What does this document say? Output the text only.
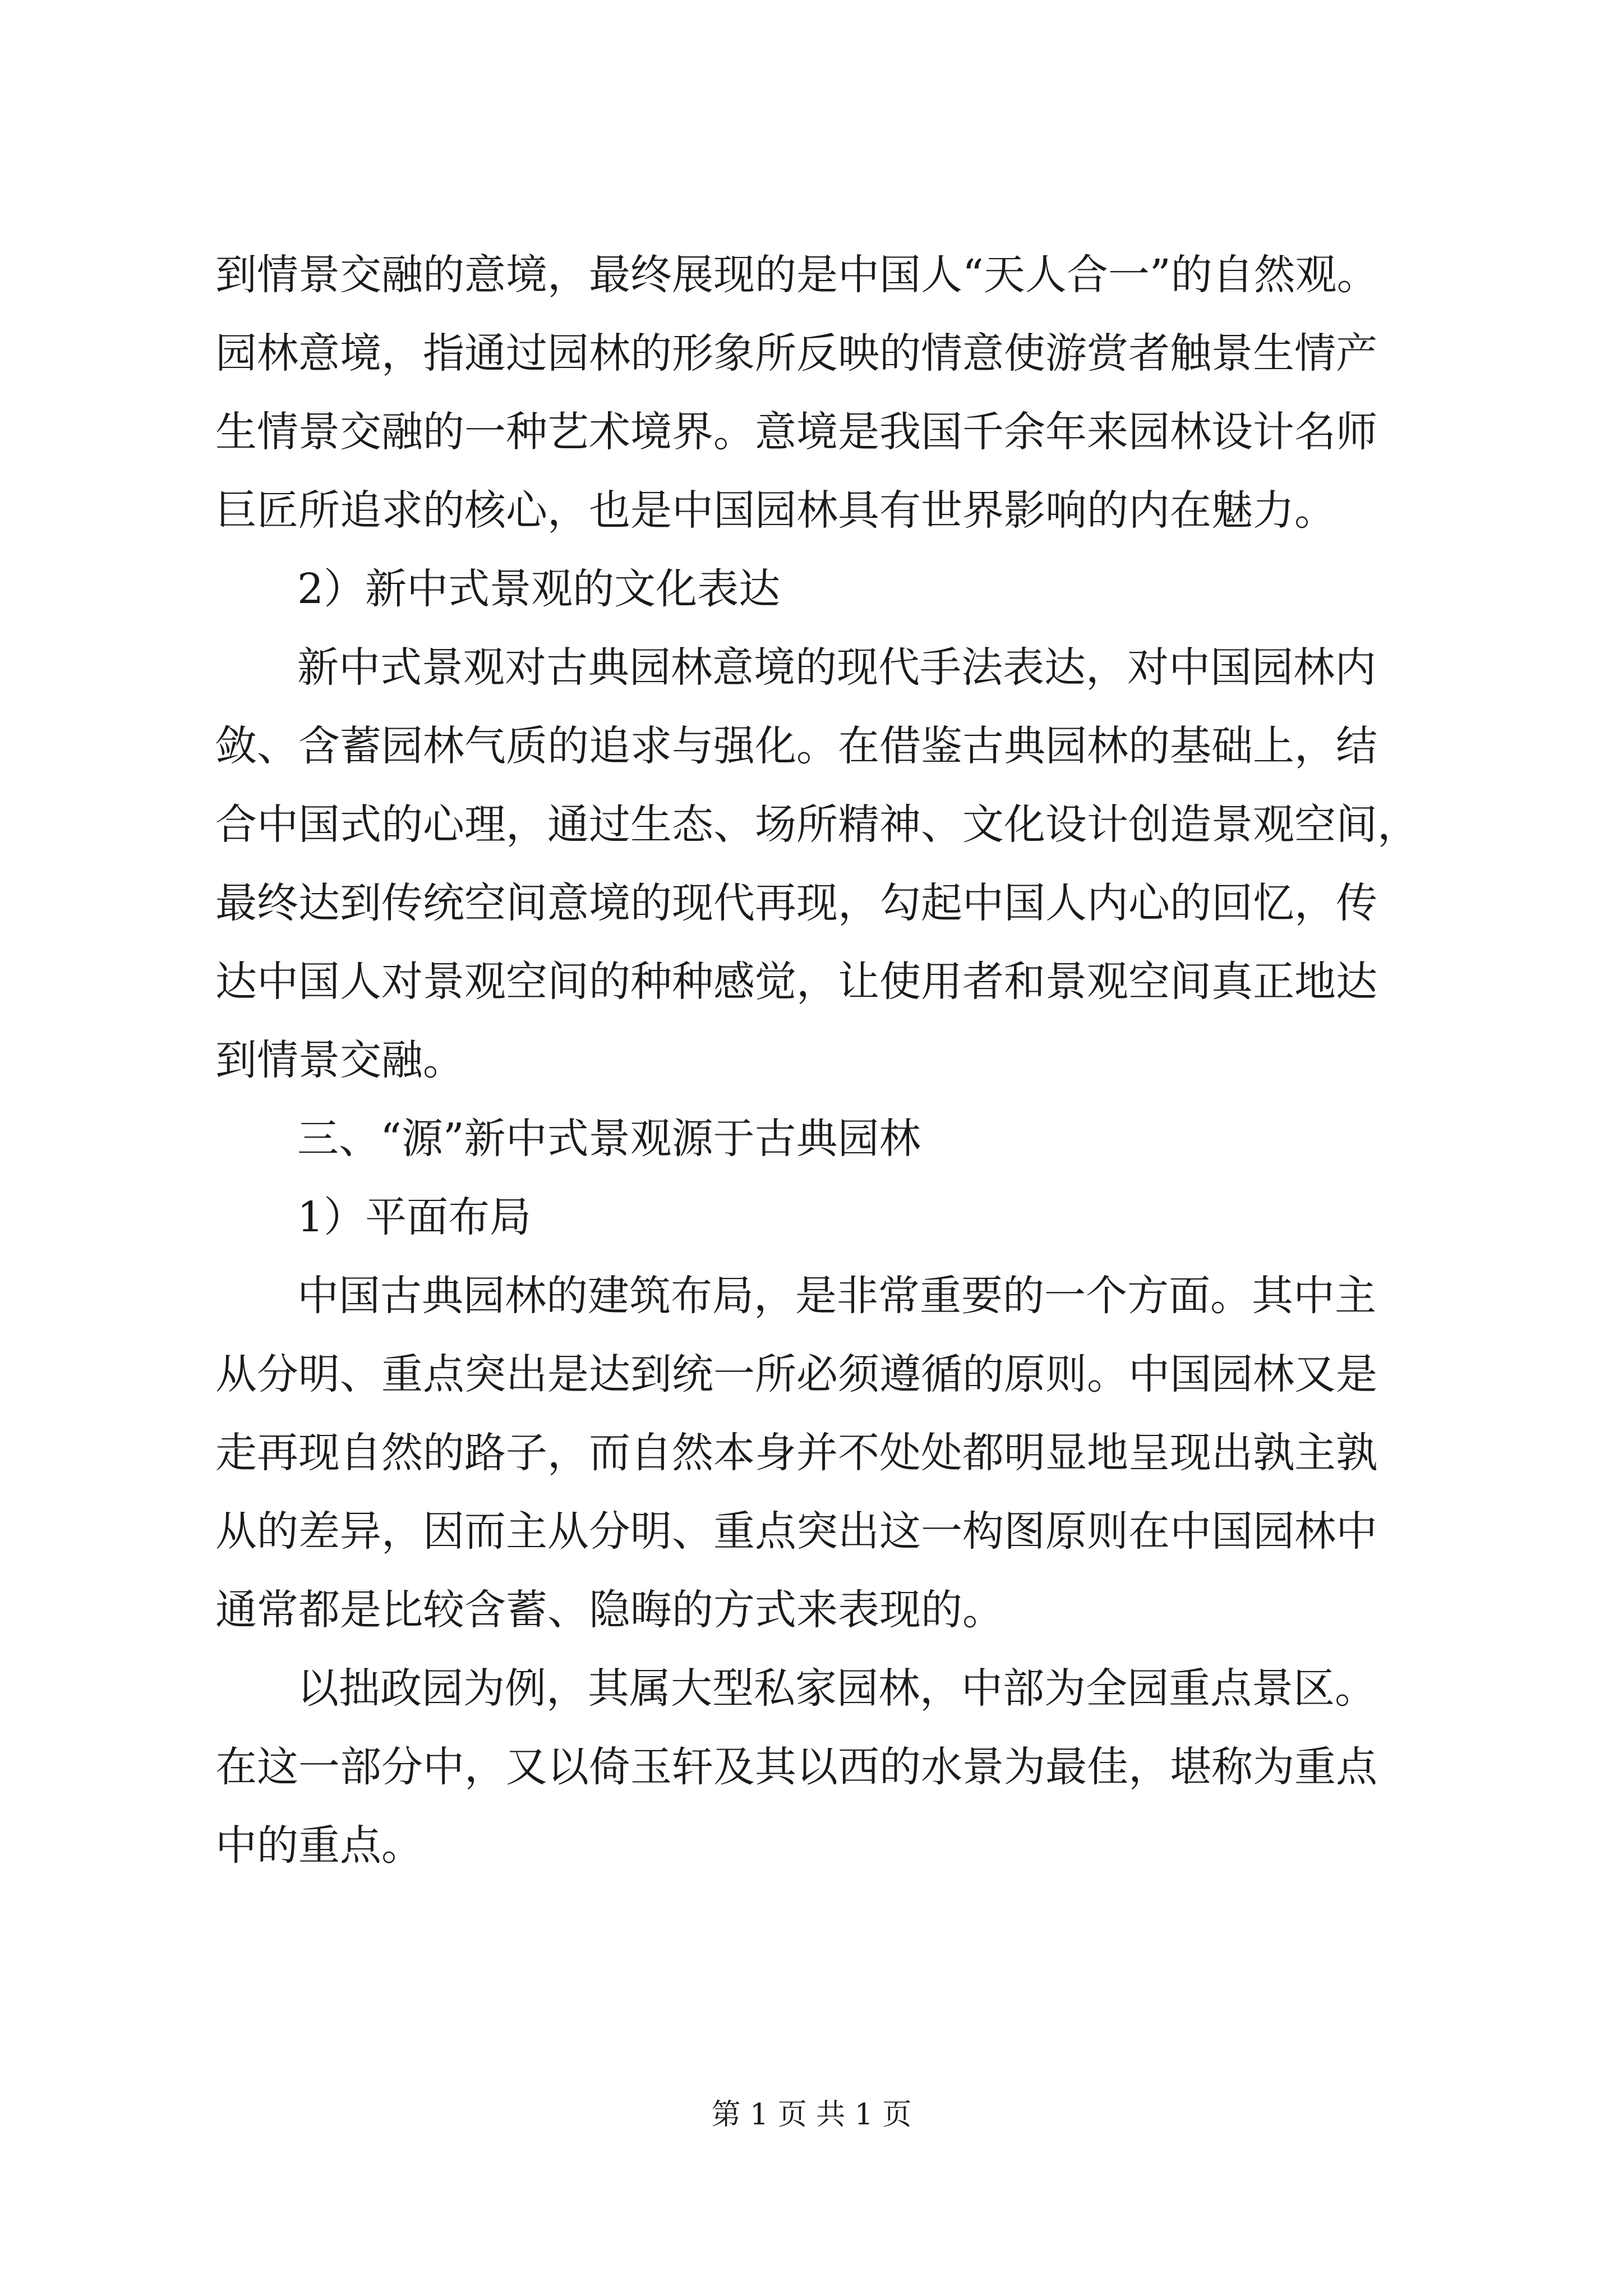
到情景交融的意境，最终展现的是中国人“天人合一”的自然观。
园林意境，指通过园林的形象所反映的情意使游赏者触景生情产
生情景交融的一种艺术境界。意境是我国千余年来园林设计名师
巨匠所追求的核心，也是中国园林具有世界影响的内在魅力。
2）新中式景观的文化表达
新中式景观对古典园林意境的现代手法表达，对中国园林内
敛、含蓄园林气质的追求与强化。在借鉴古典园林的基础上，结
合中国式的心理，通过生态、场所精神、文化设计创造景观空间，
最终达到传统空间意境的现代再现，勾起中国人内心的回忆，传
达中国人对景观空间的种种感觉，让使用者和景观空间真正地达
到情景交融。
三、“源”新中式景观源于古典园林
1）平面布局
中国古典园林的建筑布局，是非常重要的一个方面。其中主
从分明、重点突出是达到统一所必须遵循的原则。中国园林又是
走再现自然的路子，而自然本身并不处处都明显地呈现出孰主孰
从的差异，因而主从分明、重点突出这一构图原则在中国园林中
通常都是比较含蓄、隐晦的方式来表现的。
以拙政园为例，其属大型私家园林，中部为全园重点景区。
在这一部分中，又以倚玉轩及其以西的水景为最佳，堪称为重点
中的重点。
第 1 页 共 1 页
